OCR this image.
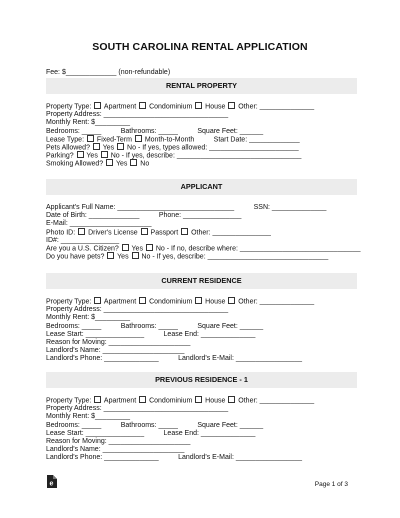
SOUTH CAROLINA RENTAL APPLICATION
Fee: $_____________ (non-refundable)
RENTAL PROPERTY
Property Type:  Apartment  Condominium  House  Other: ______________
Property Address: ________________________________
Monthly Rent: $_________
Bedrooms: _____          Bathrooms: _____          Square Feet: ______
Lease Type:  Fixed-Term  Month-to-Month          Start Date: _____________
Pets Allowed?  Yes  No - If yes, types allowed: _______________________
Parking?  Yes  No - If yes, describe: ________________________________
Smoking Allowed?  Yes  No
APPLICANT
Applicant's Full Name: ______________________________          SSN: ______________
Date of Birth: _____________          Phone: _______________
E-Mail: _____________________
Photo ID:  Driver's License  Passport  Other: _______________
ID#: _______________
Are you a U.S. Citizen?  Yes  No - If no, describe where: _______________________________
Do you have pets?  Yes  No - If yes, describe: _______________________________
CURRENT RESIDENCE
Property Type:  Apartment  Condominium  House  Other: ______________
Property Address: ________________________________
Monthly Rent: $_________
Bedrooms: _____          Bathrooms: _____          Square Feet: ______
Lease Start: _______________          Lease End: ______________
Reason for Moving: _____________________
Landlord's Name: _____________________
Landlord's Phone: ______________          Landlord's E-Mail: _________________
PREVIOUS RESIDENCE - 1
Property Type:  Apartment  Condominium  House  Other: ______________
Property Address: ________________________________
Monthly Rent: $_________
Bedrooms: _____          Bathrooms: _____          Square Feet: ______
Lease Start: _______________          Lease End: ______________
Reason for Moving: _____________________
Landlord's Name: _____________________
Landlord's Phone: ______________          Landlord's E-Mail: _________________
e	Page 1 of 3
